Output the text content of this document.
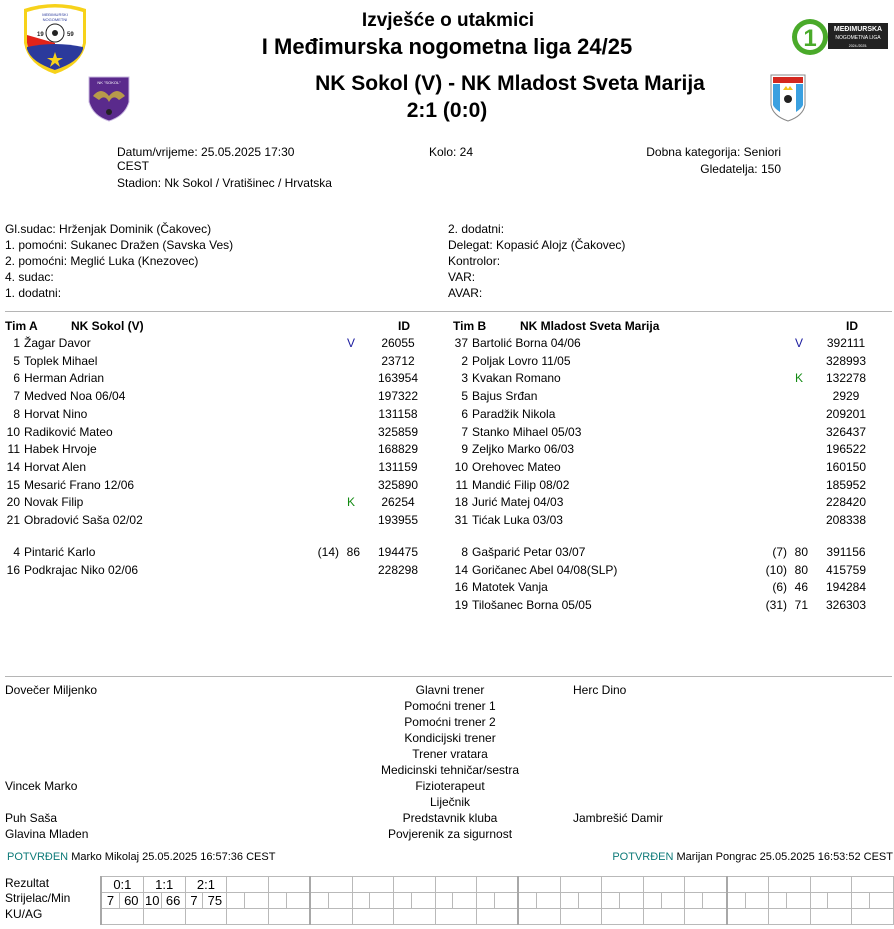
19	59
MEĐIMURSKI
NOGOMETNI
NK "SOKOL"
1 MEĐIMURSKA
NOGOMETNA LIGA
2024./2025.
Izvješće o utakmici
I Međimurska nogometna liga 24/25
NK Sokol (V) - NK Mladost Sveta Marija
2:1 (0:0)
Datum/vrijeme: 25.05.2025 17:30
CEST
Stadion: Nk Sokol / Vratišinec / Hrvatska
Kolo: 24	Dobna kategorija: Seniori
Gledatelja: 150
Gl.sudac: Hrženjak Dominik (Čakovec)
1. pomoćni: Sukanec Dražen (Savska Ves)
2. pomoćni: Meglić Luka (Knezovec)
4. sudac:
1. dodatni:
2. dodatni:
Delegat: Kopasić Alojz (Čakovec)
Kontrolor:
VAR:
AVAR:
Tim A	NK Sokol (V)	ID
1 Žagar Davor	V	26055
5 Toplek Mihael	23712
6 Herman Adrian	163954
7 Medved Noa 06/04	197322
8 Horvat Nino	131158
10 Radiković Mateo	325859
11 Habek Hrvoje	168829
14 Horvat Alen	131159
15 Mesarić Frano 12/06	325890
20 Novak Filip	K	26254
21 Obradović Saša 02/02	193955
4 Pintarić Karlo	(14) 86	194475
16 Podkrajac Niko 02/06	228298
Tim B	NK Mladost Sveta Marija	ID
37 Bartolić Borna 04/06	V	392111
2 Poljak Lovro 11/05	328993
3 Kvakan Romano	K	132278
5 Bajus Srđan	2929
6 Paradžik Nikola	209201
7 Stanko Mihael 05/03	326437
9 Zeljko Marko 06/03	196522
10 Orehovec Mateo	160150
11 Mandić Filip 08/02	185952
18 Jurić Matej 04/03	228420
31 Tićak Luka 03/03	208338
8 Gašparić Petar 03/07	(7) 80	391156
14 Goričanec Abel 04/08(SLP)	(10) 80	415759
16 Matotek Vanja	(6) 46	194284
19 Tilošanec Borna 05/05	(31) 71	326303
Dovečer Miljenko	Glavni trener	Herc Dino
Pomoćni trener 1
Pomoćni trener 2
Kondicijski trener
Trener vratara
Medicinski tehničar/sestra
Vincek Marko	Fizioterapeut
Liječnik
Puh Saša	Predstavnik kluba	Jambrešić Damir
Glavina Mladen	Povjerenik za sigurnost
POTVRĐEN Marko Mikolaj 25.05.2025 16:57:36 CEST	POTVRĐEN Marijan Pongrac 25.05.2025 16:53:52 CEST
Rezultat
Strijelac/Min
KU/AG
0:1		1:1		2:1																																	
7	60	10	66	7	75																																
